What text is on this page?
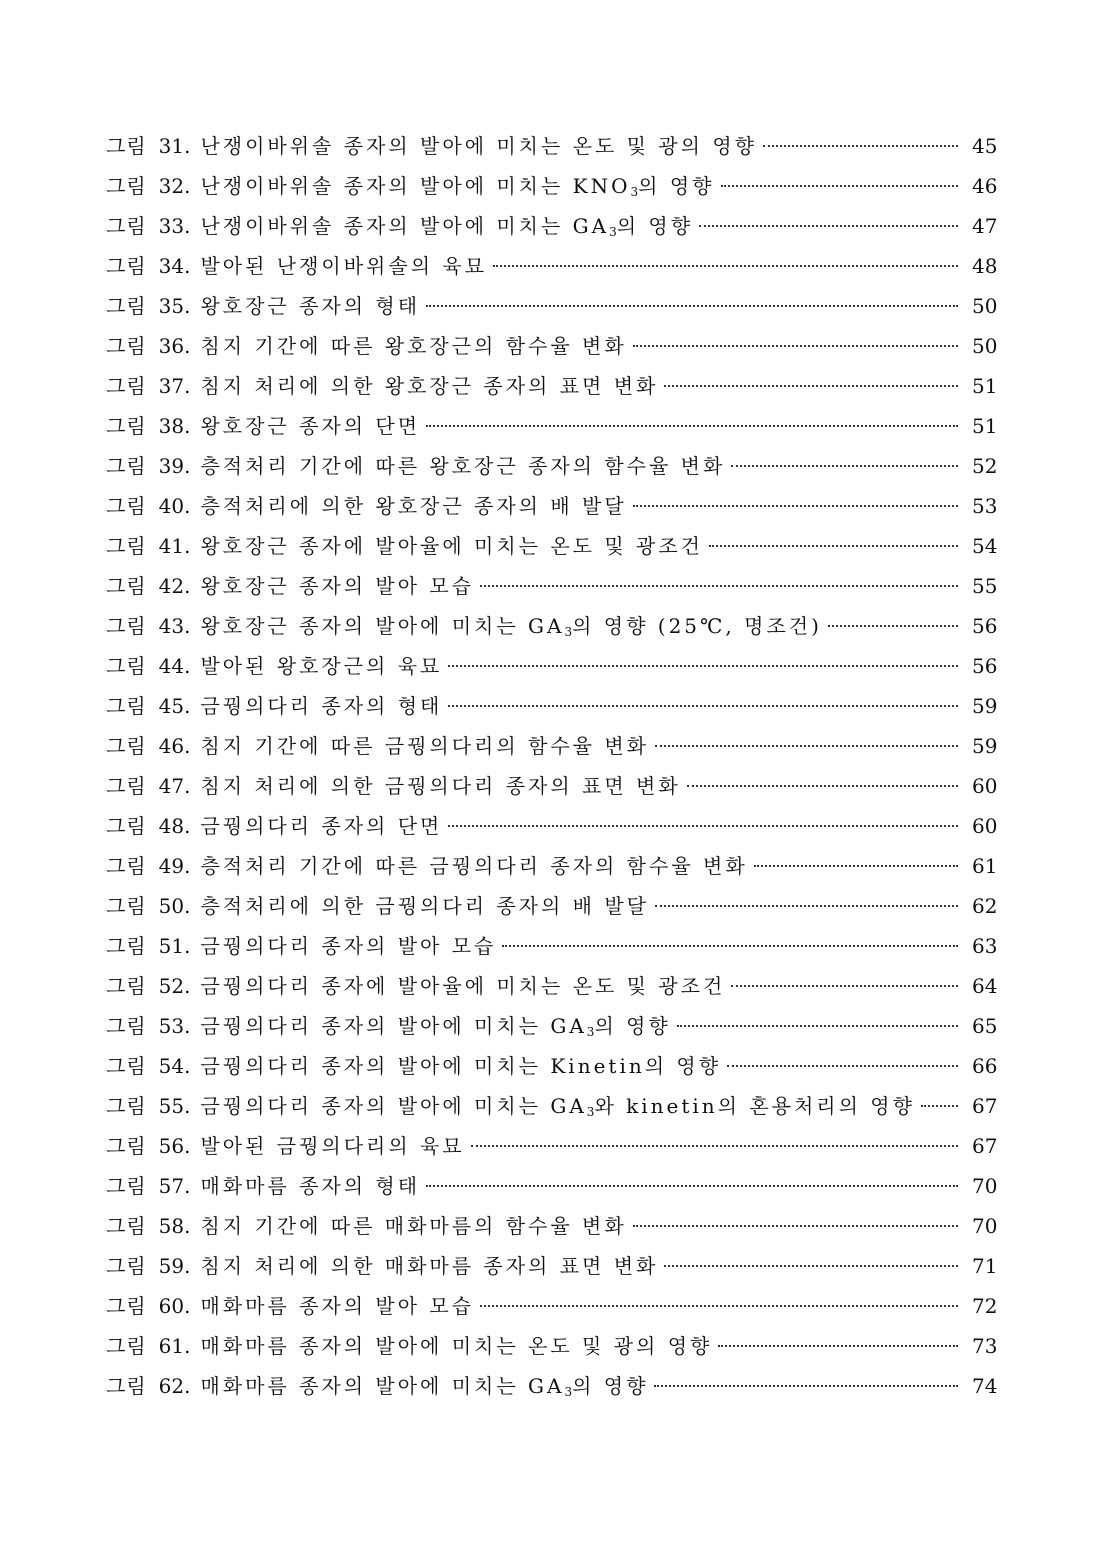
그림 31. 난쟁이바위솔 종자의 발아에 미치는 온도 및 광의 영향	45
그림 32. 난쟁이바위솔 종자의 발아에 미치는 $KNO_3$의 영향	46
그림 33. 난쟁이바위솔 종자의 발아에 미치는 $GA_3$의 영향	47
그림 34. 발아된 난쟁이바위솔의 육묘	48
그림 35. 왕호장근 종자의 형태	50
그림 36. 침지 기간에 따른 왕호장근의 함수율 변화	50
그림 37. 침지 처리에 의한 왕호장근 종자의 표면 변화	51
그림 38. 왕호장근 종자의 단면	51
그림 39. 층적처리 기간에 따른 왕호장근 종자의 함수율 변화	52
그림 40. 층적처리에 의한 왕호장근 종자의 배 발달	53
그림 41. 왕호장근 종자에 발아율에 미치는 온도 및 광조건	54
그림 42. 왕호장근 종자의 발아 모습	55
그림 43. 왕호장근 종자의 발아에 미치는 $GA_3$의 영향 (25℃, 명조건)	56
그림 44. 발아된 왕호장근의 육묘	56
그림 45. 금꿩의다리 종자의 형태	59
그림 46. 침지 기간에 따른 금꿩의다리의 함수율 변화	59
그림 47. 침지 처리에 의한 금꿩의다리 종자의 표면 변화	60
그림 48. 금꿩의다리 종자의 단면	60
그림 49. 층적처리 기간에 따른 금꿩의다리 종자의 함수율 변화	61
그림 50. 층적처리에 의한 금꿩의다리 종자의 배 발달	62
그림 51. 금꿩의다리 종자의 발아 모습	63
그림 52. 금꿩의다리 종자에 발아율에 미치는 온도 및 광조건	64
그림 53. 금꿩의다리 종자의 발아에 미치는 $GA_3$의 영향	65
그림 54. 금꿩의다리 종자의 발아에 미치는 Kinetin의 영향	66
그림 55. 금꿩의다리 종자의 발아에 미치는 $GA_3$와 kinetin의 혼용처리의 영향	67
그림 56. 발아된 금꿩의다리의 육묘	67
그림 57. 매화마름 종자의 형태	70
그림 58. 침지 기간에 따른 매화마름의 함수율 변화	70
그림 59. 침지 처리에 의한 매화마름 종자의 표면 변화	71
그림 60. 매화마름 종자의 발아 모습	72
그림 61. 매화마름 종자의 발아에 미치는 온도 및 광의 영향	73
그림 62. 매화마름 종자의 발아에 미치는 $GA_3$의 영향	74
